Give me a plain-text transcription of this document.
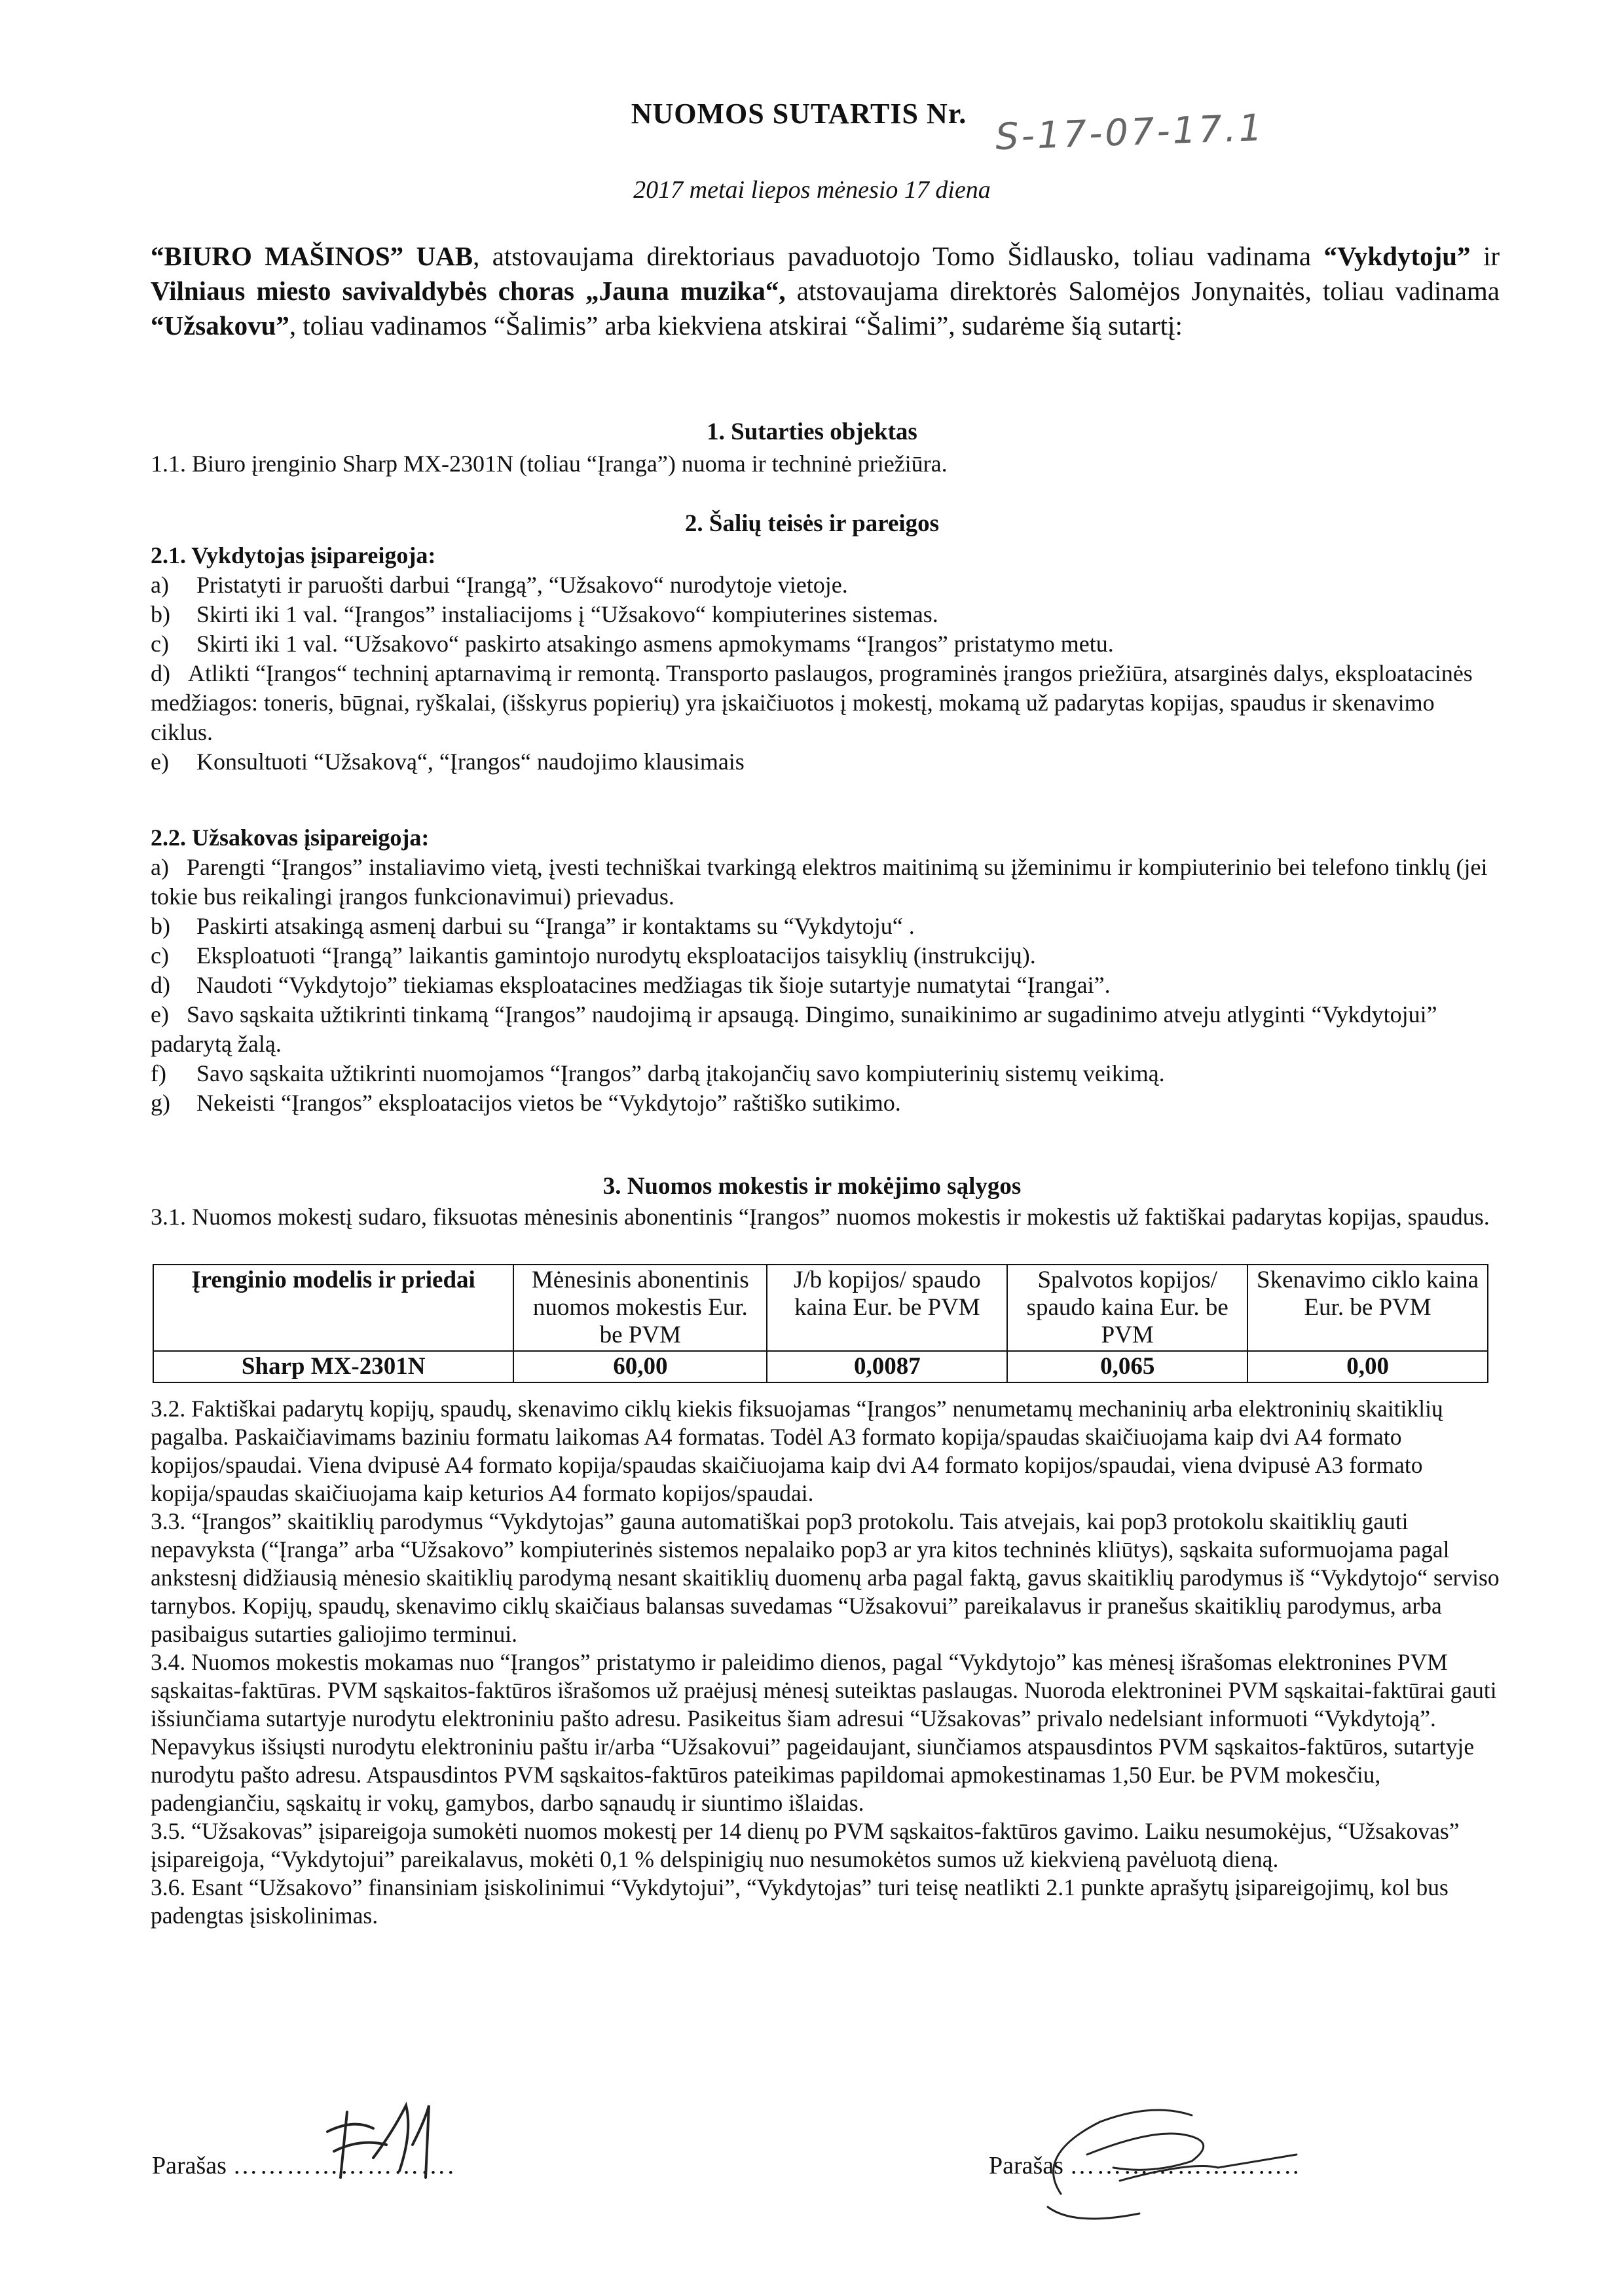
NUOMOS SUTARTIS Nr. S-17-07-17.1
2017 metai liepos mėnesio 17 diena
“BIURO MAŠINOS” UAB, atstovaujama direktoriaus pavaduotojo Tomo Šidlausko, toliau vadinama “Vykdytoju” ir Vilniaus miesto savivaldybės choras „Jauna muzika“, atstovaujama direktorės Salomėjos Jonynaitės, toliau vadinama “Užsakovu”, toliau vadinamos “Šalimis” arba kiekviena atskirai “Šalimi”, sudarėme šią sutartį:
1. Sutarties objektas
1.1. Biuro įrenginio Sharp MX-2301N (toliau “Įranga”) nuoma ir techninė priežiūra.
2. Šalių teisės ir pareigos
2.1. Vykdytojas įsipareigoja:
a)	Pristatyti ir paruošti darbui “Įrangą”, “Užsakovo“ nurodytoje vietoje.
b)	Skirti iki 1 val. “Įrangos” instaliacijoms į “Užsakovo“ kompiuterines sistemas.
c)	Skirti iki 1 val. “Užsakovo“ paskirto atsakingo asmens apmokymams “Įrangos” pristatymo metu.
d) Atlikti “Įrangos“ techninį aptarnavimą ir remontą. Transporto paslaugos, programinės įrangos priežiūra, atsarginės dalys, eksploatacinės medžiagos: toneris, būgnai, ryškalai, (išskyrus popierių) yra įskaičiuotos į mokestį, mokamą už padarytas kopijas, spaudus ir skenavimo ciklus.
e)	Konsultuoti “Užsakovą“, “Įrangos“ naudojimo klausimais
2.2. Užsakovas įsipareigoja:
a) Parengti “Įrangos” instaliavimo vietą, įvesti techniškai tvarkingą elektros maitinimą su įžeminimu ir kompiuterinio bei telefono tinklų (jei tokie bus reikalingi įrangos funkcionavimui) prievadus.
b)	Paskirti atsakingą asmenį darbui su “Įranga” ir kontaktams su “Vykdytoju“ .
c)	Eksploatuoti “Įrangą” laikantis gamintojo nurodytų eksploatacijos taisyklių (instrukcijų).
d)	Naudoti “Vykdytojo” tiekiamas eksploatacines medžiagas tik šioje sutartyje numatytai “Įrangai”.
e) Savo sąskaita užtikrinti tinkamą “Įrangos” naudojimą ir apsaugą. Dingimo, sunaikinimo ar sugadinimo atveju atlyginti “Vykdytojui” padarytą žalą.
f)	Savo sąskaita užtikrinti nuomojamos “Įrangos” darbą įtakojančių savo kompiuterinių sistemų veikimą.
g)	Nekeisti “Įrangos” eksploatacijos vietos be “Vykdytojo” raštiško sutikimo.
3. Nuomos mokestis ir mokėjimo sąlygos
3.1. Nuomos mokestį sudaro, fiksuotas mėnesinis abonentinis “Įrangos” nuomos mokestis ir mokestis už faktiškai padarytas kopijas, spaudus.
Įrenginio modelis ir priedai	Mėnesinis abonentinis nuomos mokestis Eur. be PVM	J/b kopijos/ spaudo kaina Eur. be PVM	Spalvotos kopijos/ spaudo kaina Eur. be PVM	Skenavimo ciklo kaina Eur. be PVM
Sharp MX-2301N	60,00	0,0087	0,065	0,00
3.2. Faktiškai padarytų kopijų, spaudų, skenavimo ciklų kiekis fiksuojamas “Įrangos” nenumetamų mechaninių arba elektroninių skaitiklių pagalba. Paskaičiavimams baziniu formatu laikomas A4 formatas. Todėl A3 formato kopija/spaudas skaičiuojama kaip dvi A4 formato kopijos/spaudai. Viena dvipusė A4 formato kopija/spaudas skaičiuojama kaip dvi A4 formato kopijos/spaudai, viena dvipusė A3 formato kopija/spaudas skaičiuojama kaip keturios A4 formato kopijos/spaudai.
3.3. “Įrangos” skaitiklių parodymus “Vykdytojas” gauna automatiškai pop3 protokolu. Tais atvejais, kai pop3 protokolu skaitiklių gauti nepavyksta (“Įranga” arba “Užsakovo” kompiuterinės sistemos nepalaiko pop3 ar yra kitos techninės kliūtys), sąskaita suformuojama pagal ankstesnį didžiausią mėnesio skaitiklių parodymą nesant skaitiklių duomenų arba pagal faktą, gavus skaitiklių parodymus iš “Vykdytojo“ serviso tarnybos. Kopijų, spaudų, skenavimo ciklų skaičiaus balansas suvedamas “Užsakovui” pareikalavus ir pranešus skaitiklių parodymus, arba pasibaigus sutarties galiojimo terminui.
3.4. Nuomos mokestis mokamas nuo “Įrangos” pristatymo ir paleidimo dienos, pagal “Vykdytojo” kas mėnesį išrašomas elektronines PVM sąskaitas-faktūras. PVM sąskaitos-faktūros išrašomos už praėjusį mėnesį suteiktas paslaugas. Nuoroda elektroninei PVM sąskaitai-faktūrai gauti išsiunčiama sutartyje nurodytu elektroniniu pašto adresu. Pasikeitus šiam adresui “Užsakovas” privalo nedelsiant informuoti “Vykdytoją”. Nepavykus išsiųsti nurodytu elektroniniu paštu ir/arba “Užsakovui” pageidaujant, siunčiamos atspausdintos PVM sąskaitos-faktūros, sutartyje nurodytu pašto adresu. Atspausdintos PVM sąskaitos-faktūros pateikimas papildomai apmokestinamas 1,50 Eur. be PVM mokesčiu, padengiančiu, sąskaitų ir vokų, gamybos, darbo sąnaudų ir siuntimo išlaidas.
3.5. “Užsakovas” įsipareigoja sumokėti nuomos mokestį per 14 dienų po PVM sąskaitos-faktūros gavimo. Laiku nesumokėjus, “Užsakovas” įsipareigoja, “Vykdytojui” pareikalavus, mokėti 0,1 % delspinigių nuo nesumokėtos sumos už kiekvieną pavėluotą dieną.
3.6. Esant “Užsakovo” finansiniam įsiskolinimui “Vykdytojui”, “Vykdytojas” turi teisę neatlikti 2.1 punkte aprašytų įsipareigojimų, kol bus padengtas įsiskolinimas.
Parašas …………………….	Parašas ……………………..
